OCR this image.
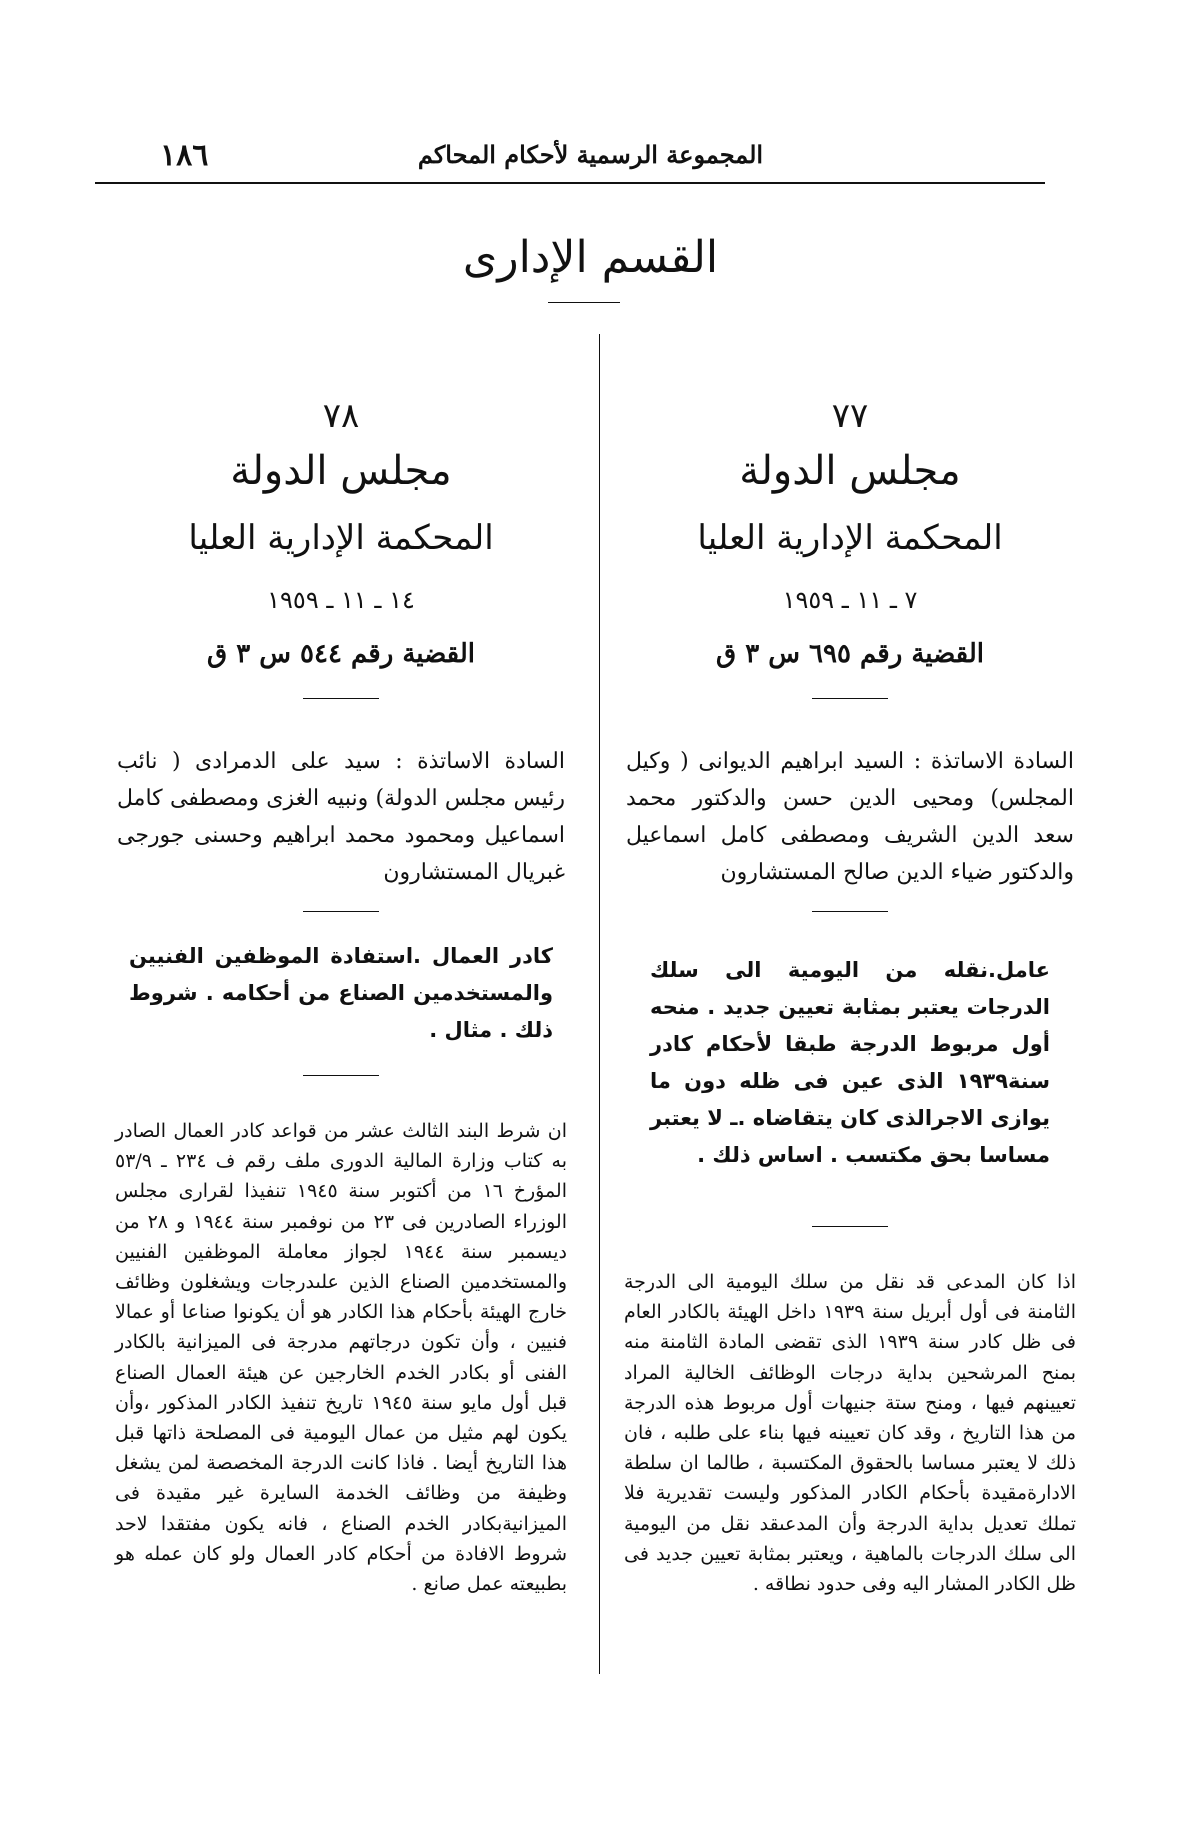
١٨٦	المجموعة الرسمية لأحكام المحاكم
القسم الإدارى
٧٧
مجلس الدولة
المحكمة الإدارية العليا
٧ ـ ١١ ـ ١٩٥٩
القضية رقم ٦٩٥ س ٣ ق
السادة الاساتذة : السيد ابراهيم الديوانى ( وكيل المجلس) ومحيى الدين حسن والدكتور محمد سعد الدين الشريف ومصطفى كامل اسماعيل والدكتور ضياء الدين صالح المستشارون
عامل.نقله من اليومية الى سلك الدرجات يعتبر بمثابة تعيين جديد . منحه أول مربوط الدرجة طبقا لأحكام كادر سنة١٩٣٩ الذى عين فى ظله دون ما يوازى الاجرالذى كان يتقاضاه .ـ لا يعتبر مساسا بحق مكتسب . اساس ذلك .
اذا كان المدعى قد نقل من سلك اليومية الى الدرجة الثامنة فى أول أبريل سنة ١٩٣٩ داخل الهيئة بالكادر العام فى ظل كادر سنة ١٩٣٩ الذى تقضى المادة الثامنة منه بمنح المرشحين بداية درجات الوظائف الخالية المراد تعيينهم فيها ، ومنح ستة جنيهات أول مربوط هذه الدرجة من هذا التاريخ ، وقد كان تعيينه فيها بناء على طلبه ، فان ذلك لا يعتبر مساسا بالحقوق المكتسبة ، طالما ان سلطة الادارةمقيدة بأحكام الكادر المذكور وليست تقديرية فلا تملك تعديل بداية الدرجة وأن المدعىقد نقل من اليومية الى سلك الدرجات بالماهية ، ويعتبر بمثابة تعيين جديد فى ظل الكادر المشار اليه وفى حدود نطاقه .
٧٨
مجلس الدولة
المحكمة الإدارية العليا
١٤ ـ ١١ ـ ١٩٥٩
القضية رقم ٥٤٤ س ٣ ق
السادة الاساتذة : سيد على الدمرادى ( نائب رئيس مجلس الدولة) ونبيه الغزى ومصطفى كامل اسماعيل ومحمود محمد ابراهيم وحسنى جورجى غبريال المستشارون
كادر العمال .استفادة الموظفين الفنيين والمستخدمين الصناع من أحكامه . شروط ذلك . مثال .
ان شرط البند الثالث عشر من قواعد كادر العمال الصادر به كتاب وزارة المالية الدورى ملف رقم ف ٢٣٤ ـ ٥٣/٩ المؤرخ ١٦ من أكتوبر سنة ١٩٤٥ تنفيذا لقرارى مجلس الوزراء الصادرين فى ٢٣ من نوفمبر سنة ١٩٤٤ و ٢٨ من ديسمبر سنة ١٩٤٤ لجواز معاملة الموظفين الفنيين والمستخدمين الصناع الذين علىدرجات ويشغلون وظائف خارج الهيئة بأحكام هذا الكادر هو أن يكونوا صناعا أو عمالا فنيين ، وأن تكون درجاتهم مدرجة فى الميزانية بالكادر الفنى أو بكادر الخدم الخارجين عن هيئة العمال الصناع قبل أول مايو سنة ١٩٤٥ تاريخ تنفيذ الكادر المذكور ،وأن يكون لهم مثيل من عمال اليومية فى المصلحة ذاتها قبل هذا التاريخ أيضا . فاذا كانت الدرجة المخصصة لمن يشغل وظيفة من وظائف الخدمة السايرة غير مقيدة فى الميزانيةبكادر الخدم الصناع ، فانه يكون مفتقدا لاحد شروط الافادة من أحكام كادر العمال ولو كان عمله هو بطبيعته عمل صانع .
